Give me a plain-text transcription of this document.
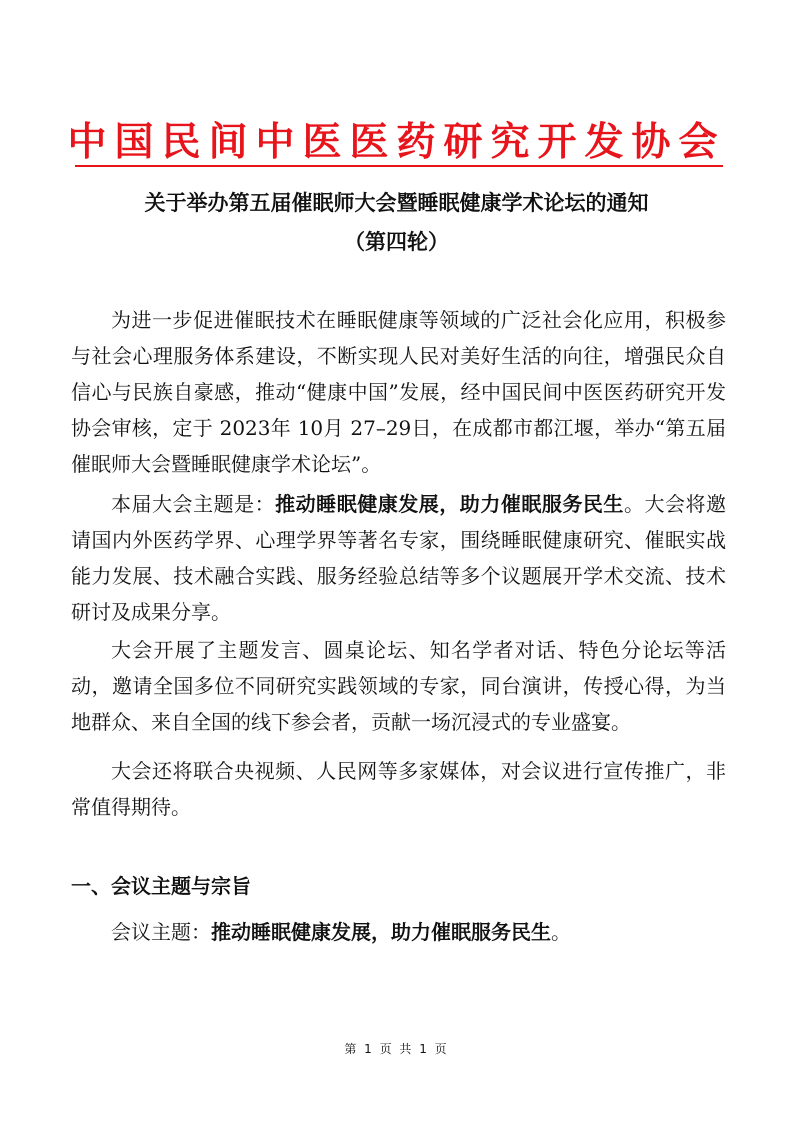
中国民间中医医药研究开发协会
关于举办第五届催眠师大会暨睡眠健康学术论坛的通知
（第四轮）

为进一步促进催眠技术在睡眠健康等领域的广泛社会化应用，积极参与社会心理服务体系建设，不断实现人民对美好生活的向往，增强民众自信心与民族自豪感，推动“健康中国”发展，经中国民间中医医药研究开发协会审核，定于 2023年 10月 27–29日，在成都市都江堰，举办“第五届催眠师大会暨睡眠健康学术论坛”。

本届大会主题是：推动睡眠健康发展，助力催眠服务民生。大会将邀请国内外医药学界、心理学界等著名专家，围绕睡眠健康研究、催眠实战能力发展、技术融合实践、服务经验总结等多个议题展开学术交流、技术研讨及成果分享。

大会开展了主题发言、圆桌论坛、知名学者对话、特色分论坛等活动，邀请全国多位不同研究实践领域的专家，同台演讲，传授心得，为当地群众、来自全国的线下参会者，贡献一场沉浸式的专业盛宴。

大会还将联合央视频、人民网等多家媒体，对会议进行宣传推广，非常值得期待。

一、会议主题与宗旨

会议主题：推动睡眠健康发展，助力催眠服务民生。

第 1 页 共 1 页
